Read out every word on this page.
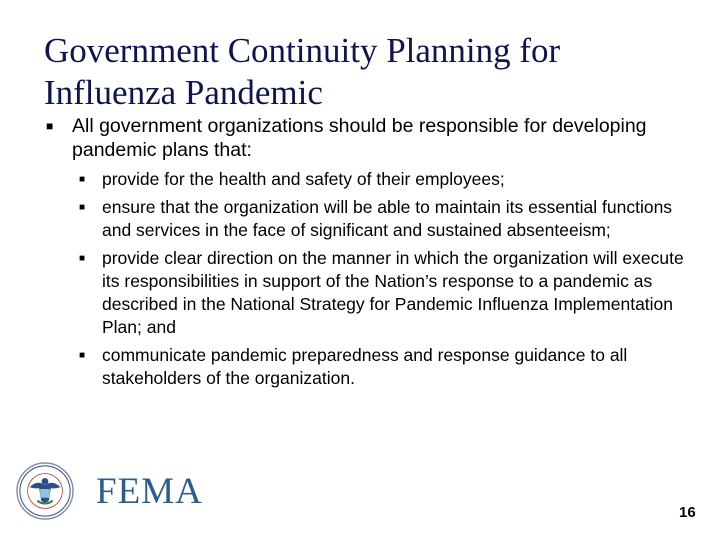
Government Continuity Planning for Influenza Pandemic

■ All government organizations should be responsible for developing pandemic plans that:

■ provide for the health and safety of their employees;
■ ensure that the organization will be able to maintain its essential functions and services in the face of significant and sustained absenteeism;
■ provide clear direction on the manner in which the organization will execute its responsibilities in support of the Nation’s response to a pandemic as described in the National Strategy for Pandemic Influenza Implementation Plan; and
■ communicate pandemic preparedness and response guidance to all stakeholders of the organization.
FEMA
16
